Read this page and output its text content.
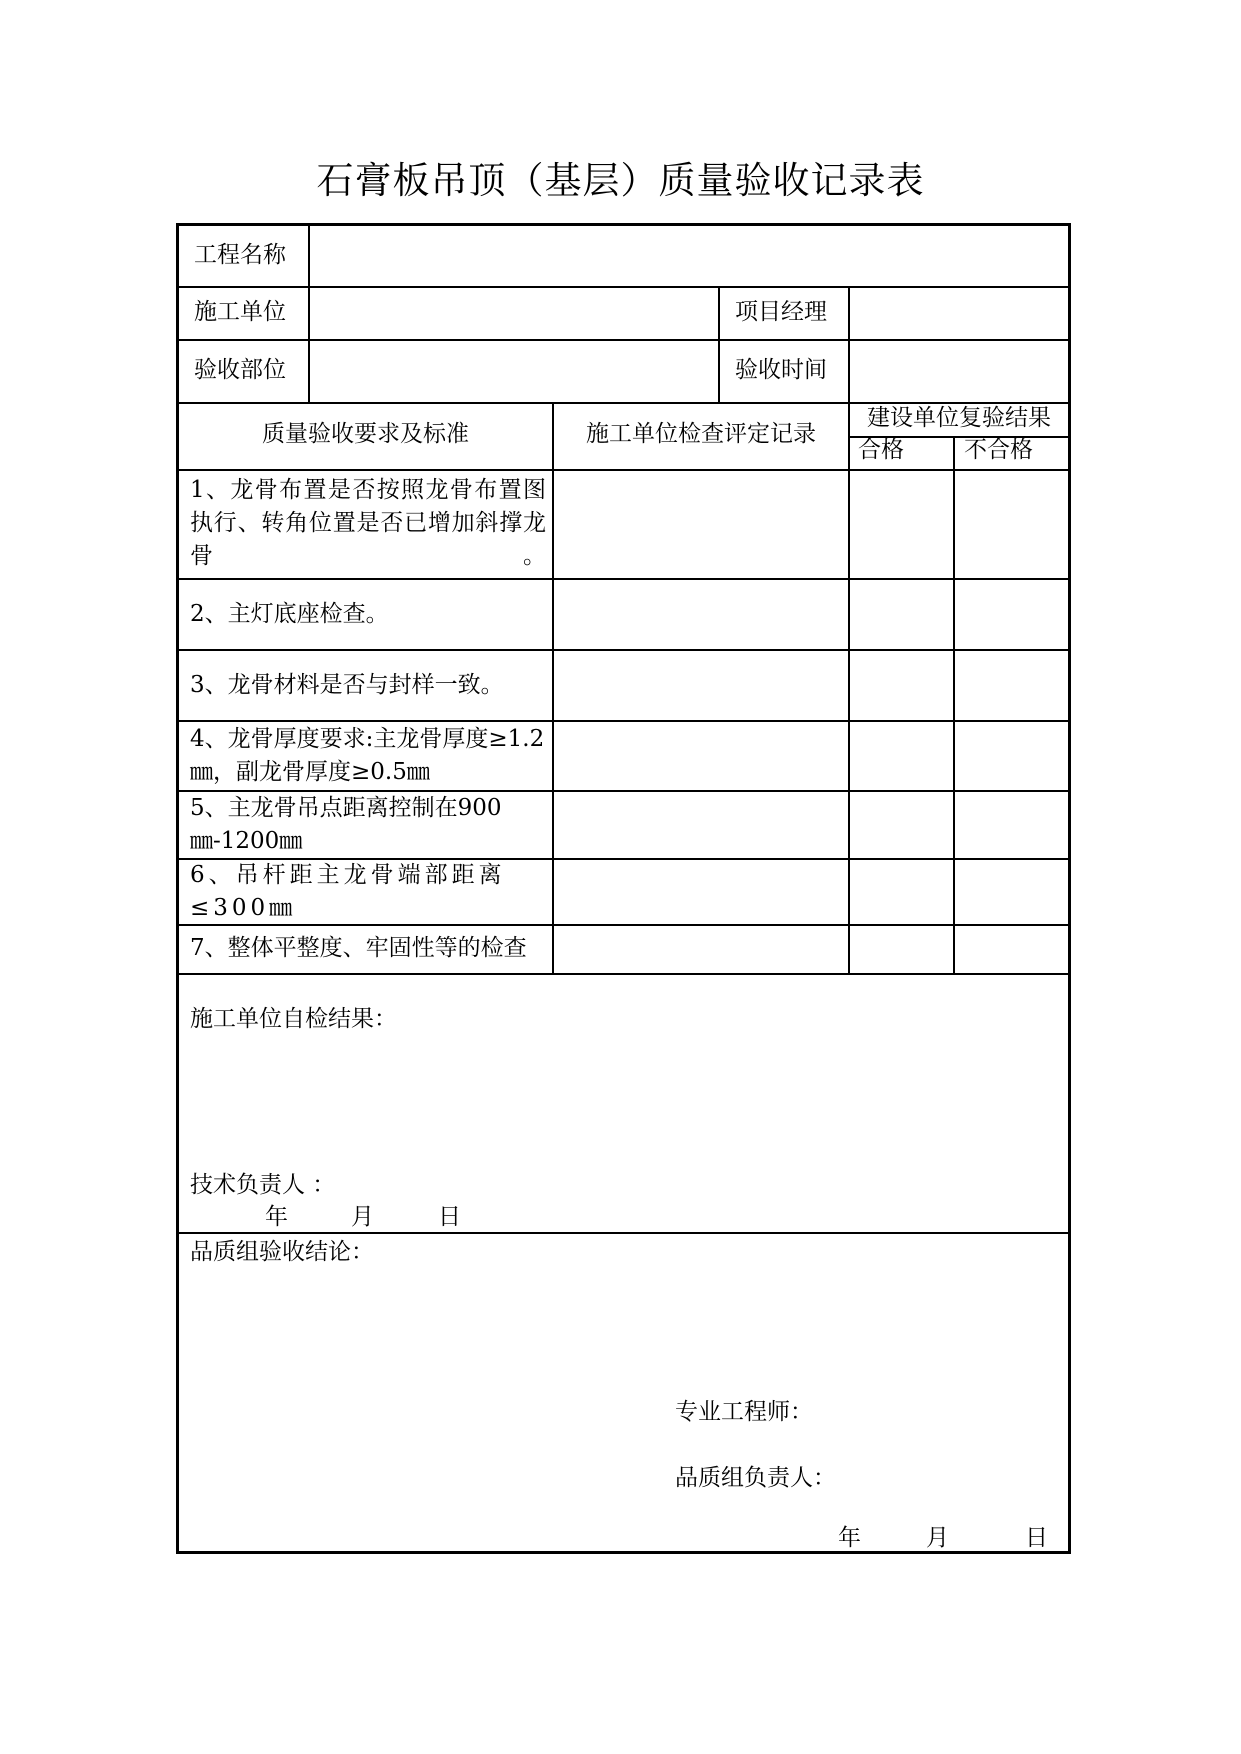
石膏板吊顶（基层）质量验收记录表
工程名称
施工单位	项目经理
验收部位	验收时间
质量验收要求及标准	施工单位检查评定记录
建设单位复验结果
合格	不合格
1、龙骨布置是否按照龙骨布置图执行、转角位置是否已增加斜撑龙骨。
2、主灯底座检查。
3、龙骨材料是否与封样一致。
4、龙骨厚度要求:主龙骨厚度≥1.2㎜，副龙骨厚度≥0.5㎜
5、主龙骨吊点距离控制在900㎜-1200㎜
6、吊杆距主龙骨端部距离≤300㎜
7、整体平整度、牢固性等的检查
施工单位自检结果：
技术负责人 ：
年	月	日
品质组验收结论：
专业工程师：
品质组负责人：
年	月	日
